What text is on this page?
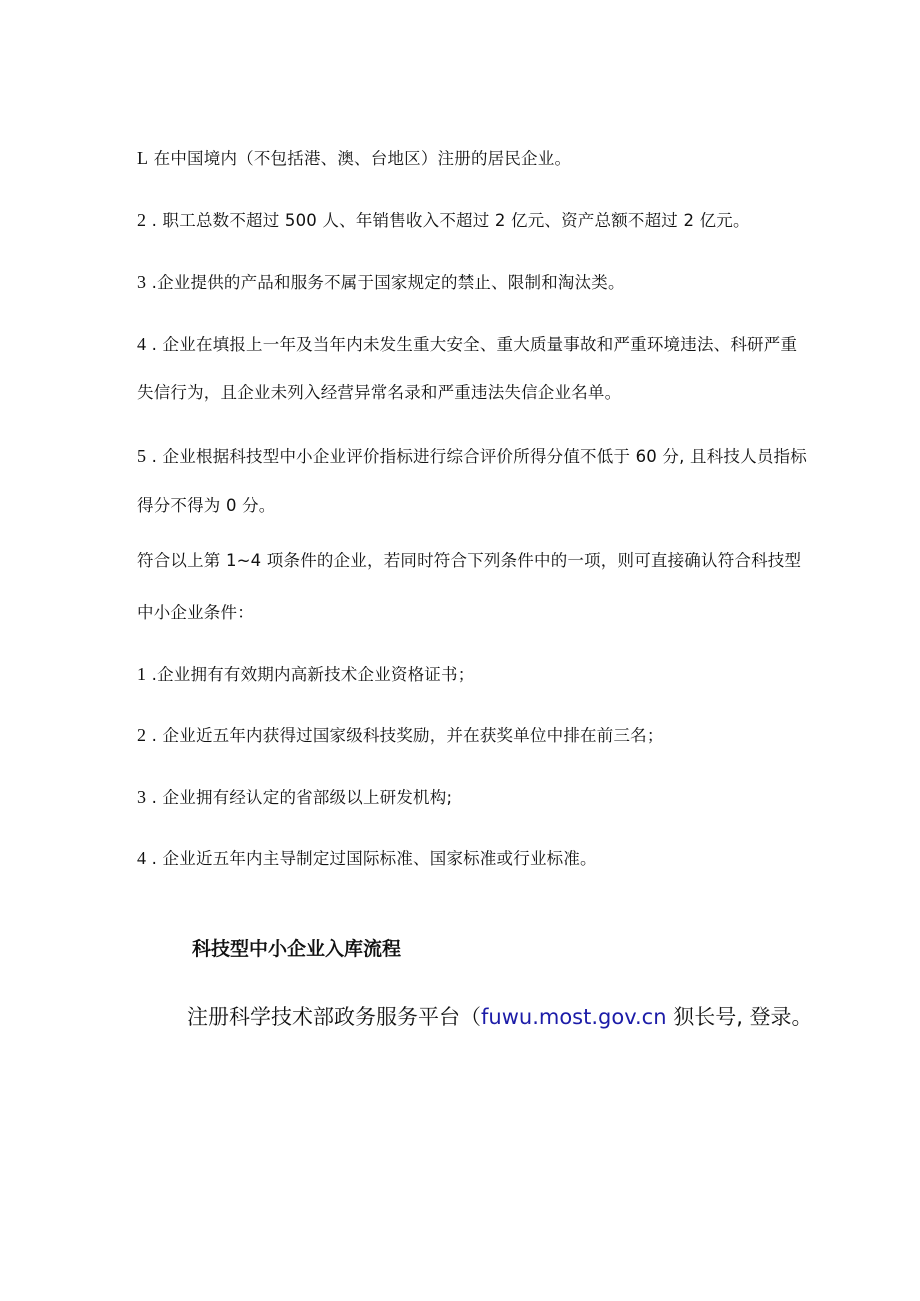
L 在中国境内（不包括港、澳、台地区）注册的居民企业。
2 . 职工总数不超过 500 人、年销售收入不超过 2 亿元、资产总额不超过 2 亿元。
3 .企业提供的产品和服务不属于国家规定的禁止、限制和淘汰类。
4 . 企业在填报上一年及当年内未发生重大安全、重大质量事故和严重环境违法、科研严重
失信行为，且企业未列入经营异常名录和严重违法失信企业名单。
5 . 企业根据科技型中小企业评价指标进行综合评价所得分值不低于 60 分, 且科技人员指标
得分不得为 0 分。
符合以上第 1~4 项条件的企业，若同时符合下列条件中的一项，则可直接确认符合科技型
中小企业条件：
1 .企业拥有有效期内高新技术企业资格证书；
2 . 企业近五年内获得过国家级科技奖励，并在获奖单位中排在前三名；
3 . 企业拥有经认定的省部级以上研发机构;
4 . 企业近五年内主导制定过国际标准、国家标准或行业标准。
科技型中小企业入库流程
注册科学技术部政务服务平台（fuwu.most.gov.cn 狈长号, 登录。
